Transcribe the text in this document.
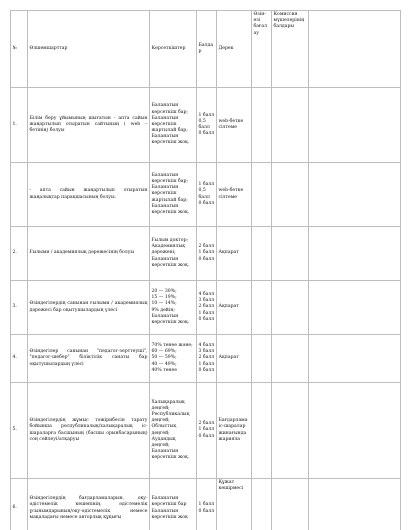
№	Өлшемшарттар	Көрсеткіштер	Балдар	Дерек	Өзін-өзі бағалау	Комиссия мүшелерінің балдары	
1.	Білім беру ұйымының шығатын - апта сайын жаңартылып отыратын сайтының ( web – бетінің) болуы	Баланатын көрсеткіш бар;
Баланатын көрсеткіш жартылай бар;
Баланатын көрсеткіш жоқ.	1 балл
0,5 балл
0 балл	web-бетке сілтеме			
	- апта сайын жаңартылып отыратын жаңалықтар парақшасының болуы.	Баланатын көрсеткіш бар;
Баланатын көрсеткіш жартылай бар;
Баланатын көрсеткіш жоқ.	1 балл
0,5 балл
0 балл	web-бетке сілтеме			
2.	Ғылыми / академиялық дәрежесінің болуы	Ғылым доктор;
Академиялық дәрежені;
Баланатын көрсеткіш жоқ.	2 балл
1 балл
0 балл	Ақпарат			
3.	Өзіндегілердің санынан ғылыми / академиялық дәрежесі бар оқытушылардың үлесі	20 — 30%;
15 — 19%;
10 — 14%;
9% дейін;
Баланатын көрсеткіш жоқ.	4 балл
3 балл
2 балл
1 балл
0 балл	Ақпарат			
4.	Өзіндегілер санынан "педагог-зерттеуші", "педагог-шебер" біліктілік санаты бар оқытушылардың үлесі	70% тенее және;
60 — 69%;
50 — 59%;
40 — 49%;
40% тенее	4 балл
3 балл
2 балл
1 балл
0 балл	Ақпарат			
5.	Өзіндегілердің жұмыс тәжірибесін тарату бойынша республикалық/халықаралық іс-шараларға басшының (басшы орынбасарының) соң сөйлеуі/атқаруы	Халықаралық деңгей;
Республикалық деңгей;
Облыстық деңгей;
Аудандық деңгей;
Баланатын көрсеткіш жоқ.	2 балл
1 балл
0 балл	Бағдарлама іс-шаралар жинағында жарияла			
6.	Өзіндегілердің бағдарламаларын, оқу-әдістемелік кешенінің, әдістемелік ұсынымдарының/оқу-әдістемелік немесе мақаладағы немесе авторлық құқығы	Баланатын көрсеткіш бар
Баланатын көрсеткіш жоқ	1 балл
0 балл	Құжат көшірмесі			
